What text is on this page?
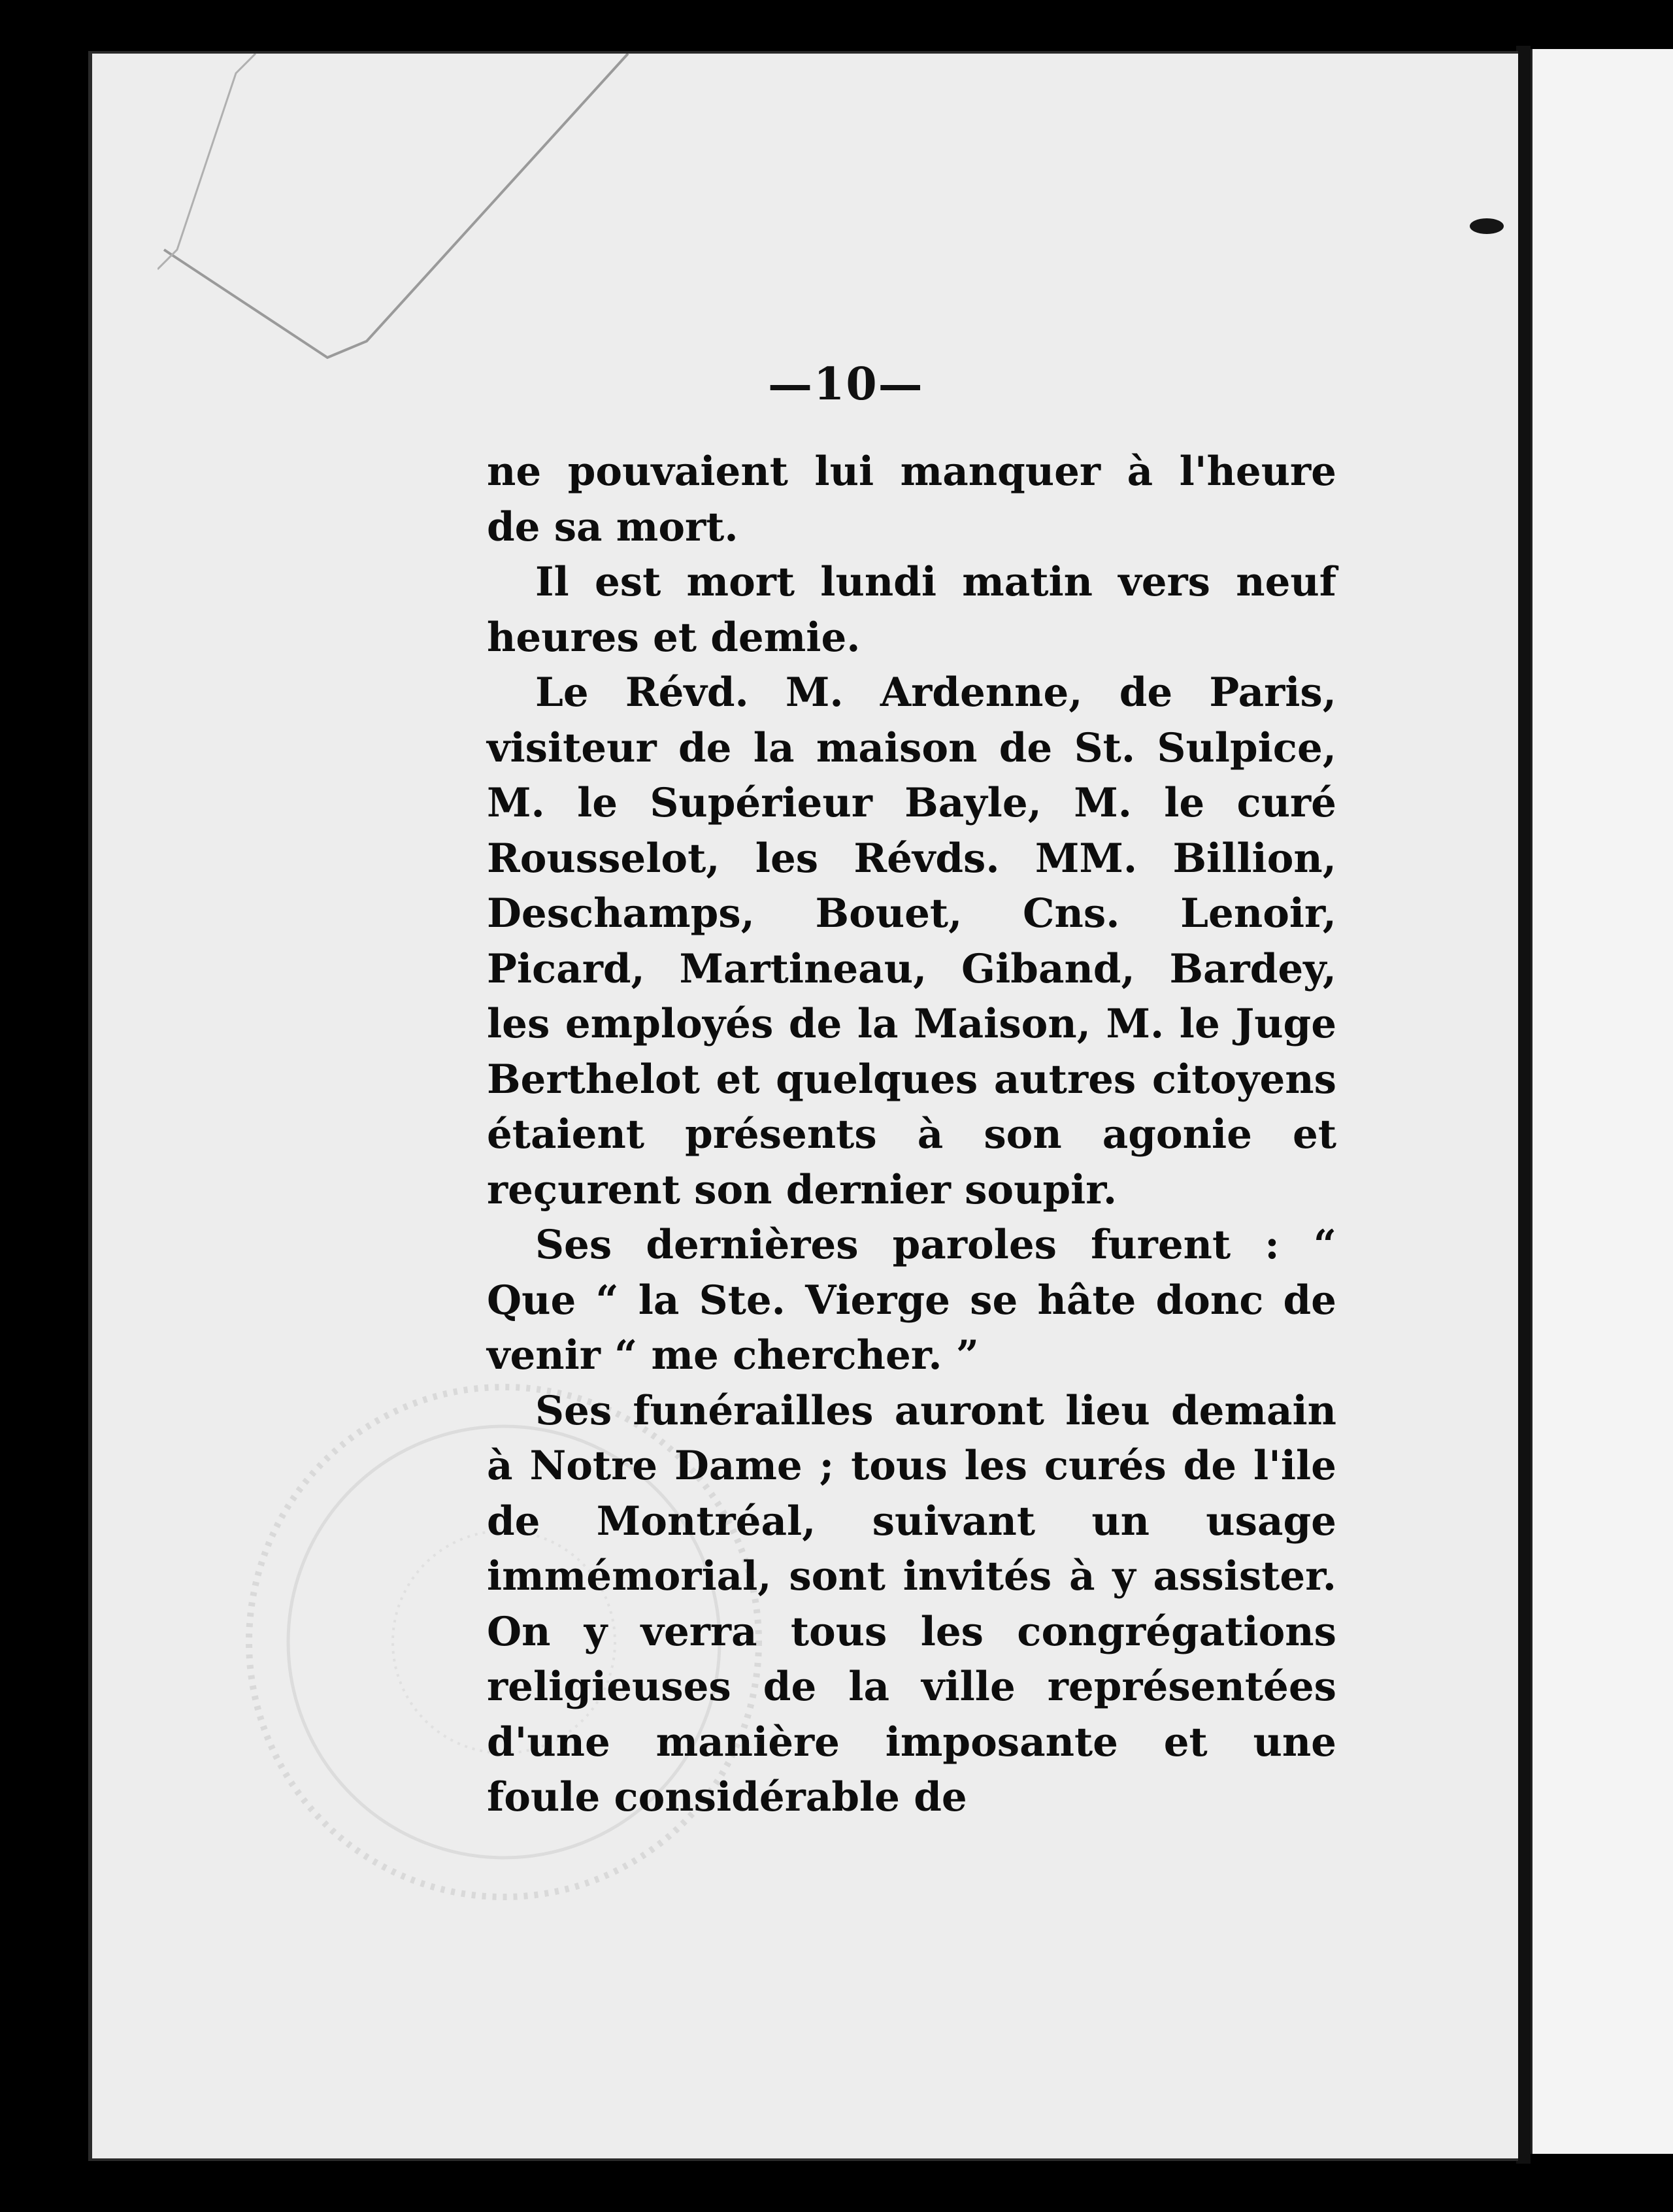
—10—

ne pouvaient lui manquer à l'heure de sa mort.

Il est mort lundi matin vers neuf heures et demie.

Le Révd. M. Ardenne, de Paris, visiteur de la maison de St. Sulpice, M. le Supérieur Bayle, M. le curé Rousselot, les Révds. MM. Billion, Deschamps, Bouet, Cns. Lenoir, Picard, Martineau, Giband, Bardey, les employés de la Maison, M. le Juge Berthelot et quelques autres citoyens étaient présents à son agonie et reçurent son dernier soupir.

Ses dernières paroles furent : “ Que “ la Ste. Vierge se hâte donc de venir “ me chercher. ”

Ses funérailles auront lieu demain à Notre Dame ; tous les curés de l'ile de Montréal, suivant un usage immémorial, sont invités à y assister. On y verra tous les congrégations religieuses de la ville représentées d'une manière imposante et une foule considérable de
